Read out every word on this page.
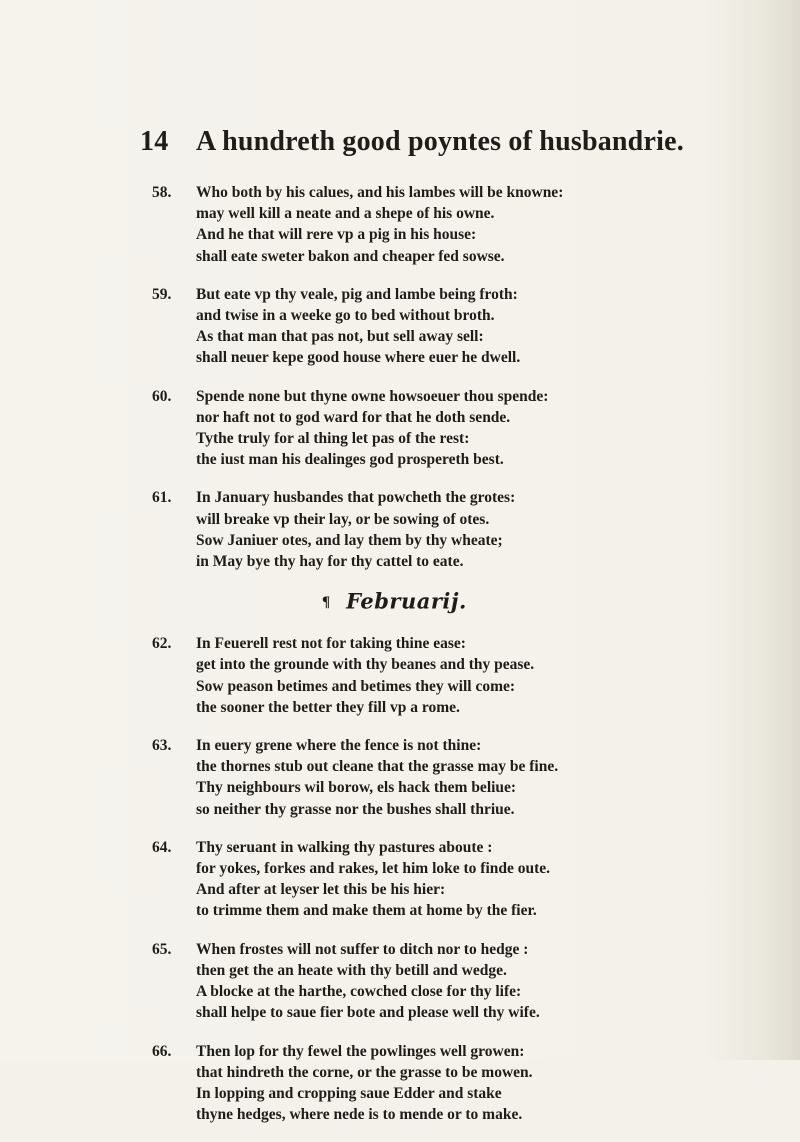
14 A hundreth good poyntes of husbandrie.
58. Who both by his calues, and his lambes will be knowne:
may well kill a neate and a shepe of his owne.
And he that will rere vp a pig in his house:
shall eate sweter bakon and cheaper fed sowse.
59. But eate vp thy veale, pig and lambe being froth:
and twise in a weeke go to bed without broth.
As that man that pas not, but sell away sell:
shall neuer kepe good house where euer he dwell.
60. Spende none but thyne owne howsoeuer thou spende:
nor haft not to god ward for that he doth sende.
Tythe truly for al thing let pas of the rest:
the iust man his dealinges god prospereth best.
61. In January husbandes that powcheth the grotes:
will breake vp their lay, or be sowing of otes.
Sow Janiuer otes, and lay them by thy wheate;
in May bye thy hay for thy cattel to eate.
¶ Februarij.
62. In Feuerell rest not for taking thine ease:
get into the grounde with thy beanes and thy pease.
Sow peason betimes and betimes they will come:
the sooner the better they fill vp a rome.
63. In euery grene where the fence is not thine:
the thornes stub out cleane that the grasse may be fine.
Thy neighbours wil borow, els hack them beliue:
so neither thy grasse nor the bushes shall thriue.
64. Thy seruant in walking thy pastures aboute :
for yokes, forkes and rakes, let him loke to finde oute.
And after at leyser let this be his hier:
to trimme them and make them at home by the fier.
65. When frostes will not suffer to ditch nor to hedge :
then get the an heate with thy betill and wedge.
A blocke at the harthe, cowched close for thy life:
shall helpe to saue fier bote and please well thy wife.
66. Then lop for thy fewel the powlinges well growen:
that hindreth the corne, or the grasse to be mowen.
In lopping and cropping saue Edder and stake
thyne hedges, where nede is to mende or to make.
